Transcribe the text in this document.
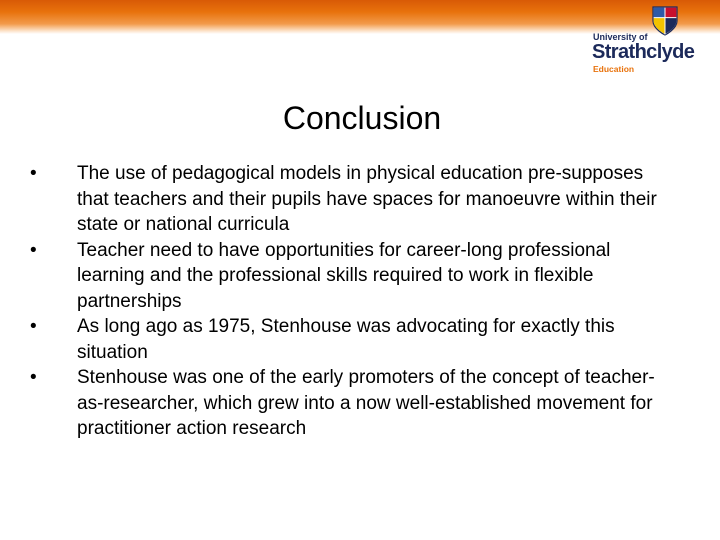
University of
Strathclyde
Education
Conclusion
•	The use of pedagogical models in physical education pre-supposes that teachers and their pupils have spaces for manoeuvre within their state or national curricula
•	Teacher need to have opportunities for career-long professional learning and the professional skills required to work in flexible partnerships
•	As long ago as 1975, Stenhouse was advocating for exactly this situation
•	Stenhouse was one of the early promoters of the concept of teacher-as-researcher, which grew into a now well-established movement for practitioner action research
